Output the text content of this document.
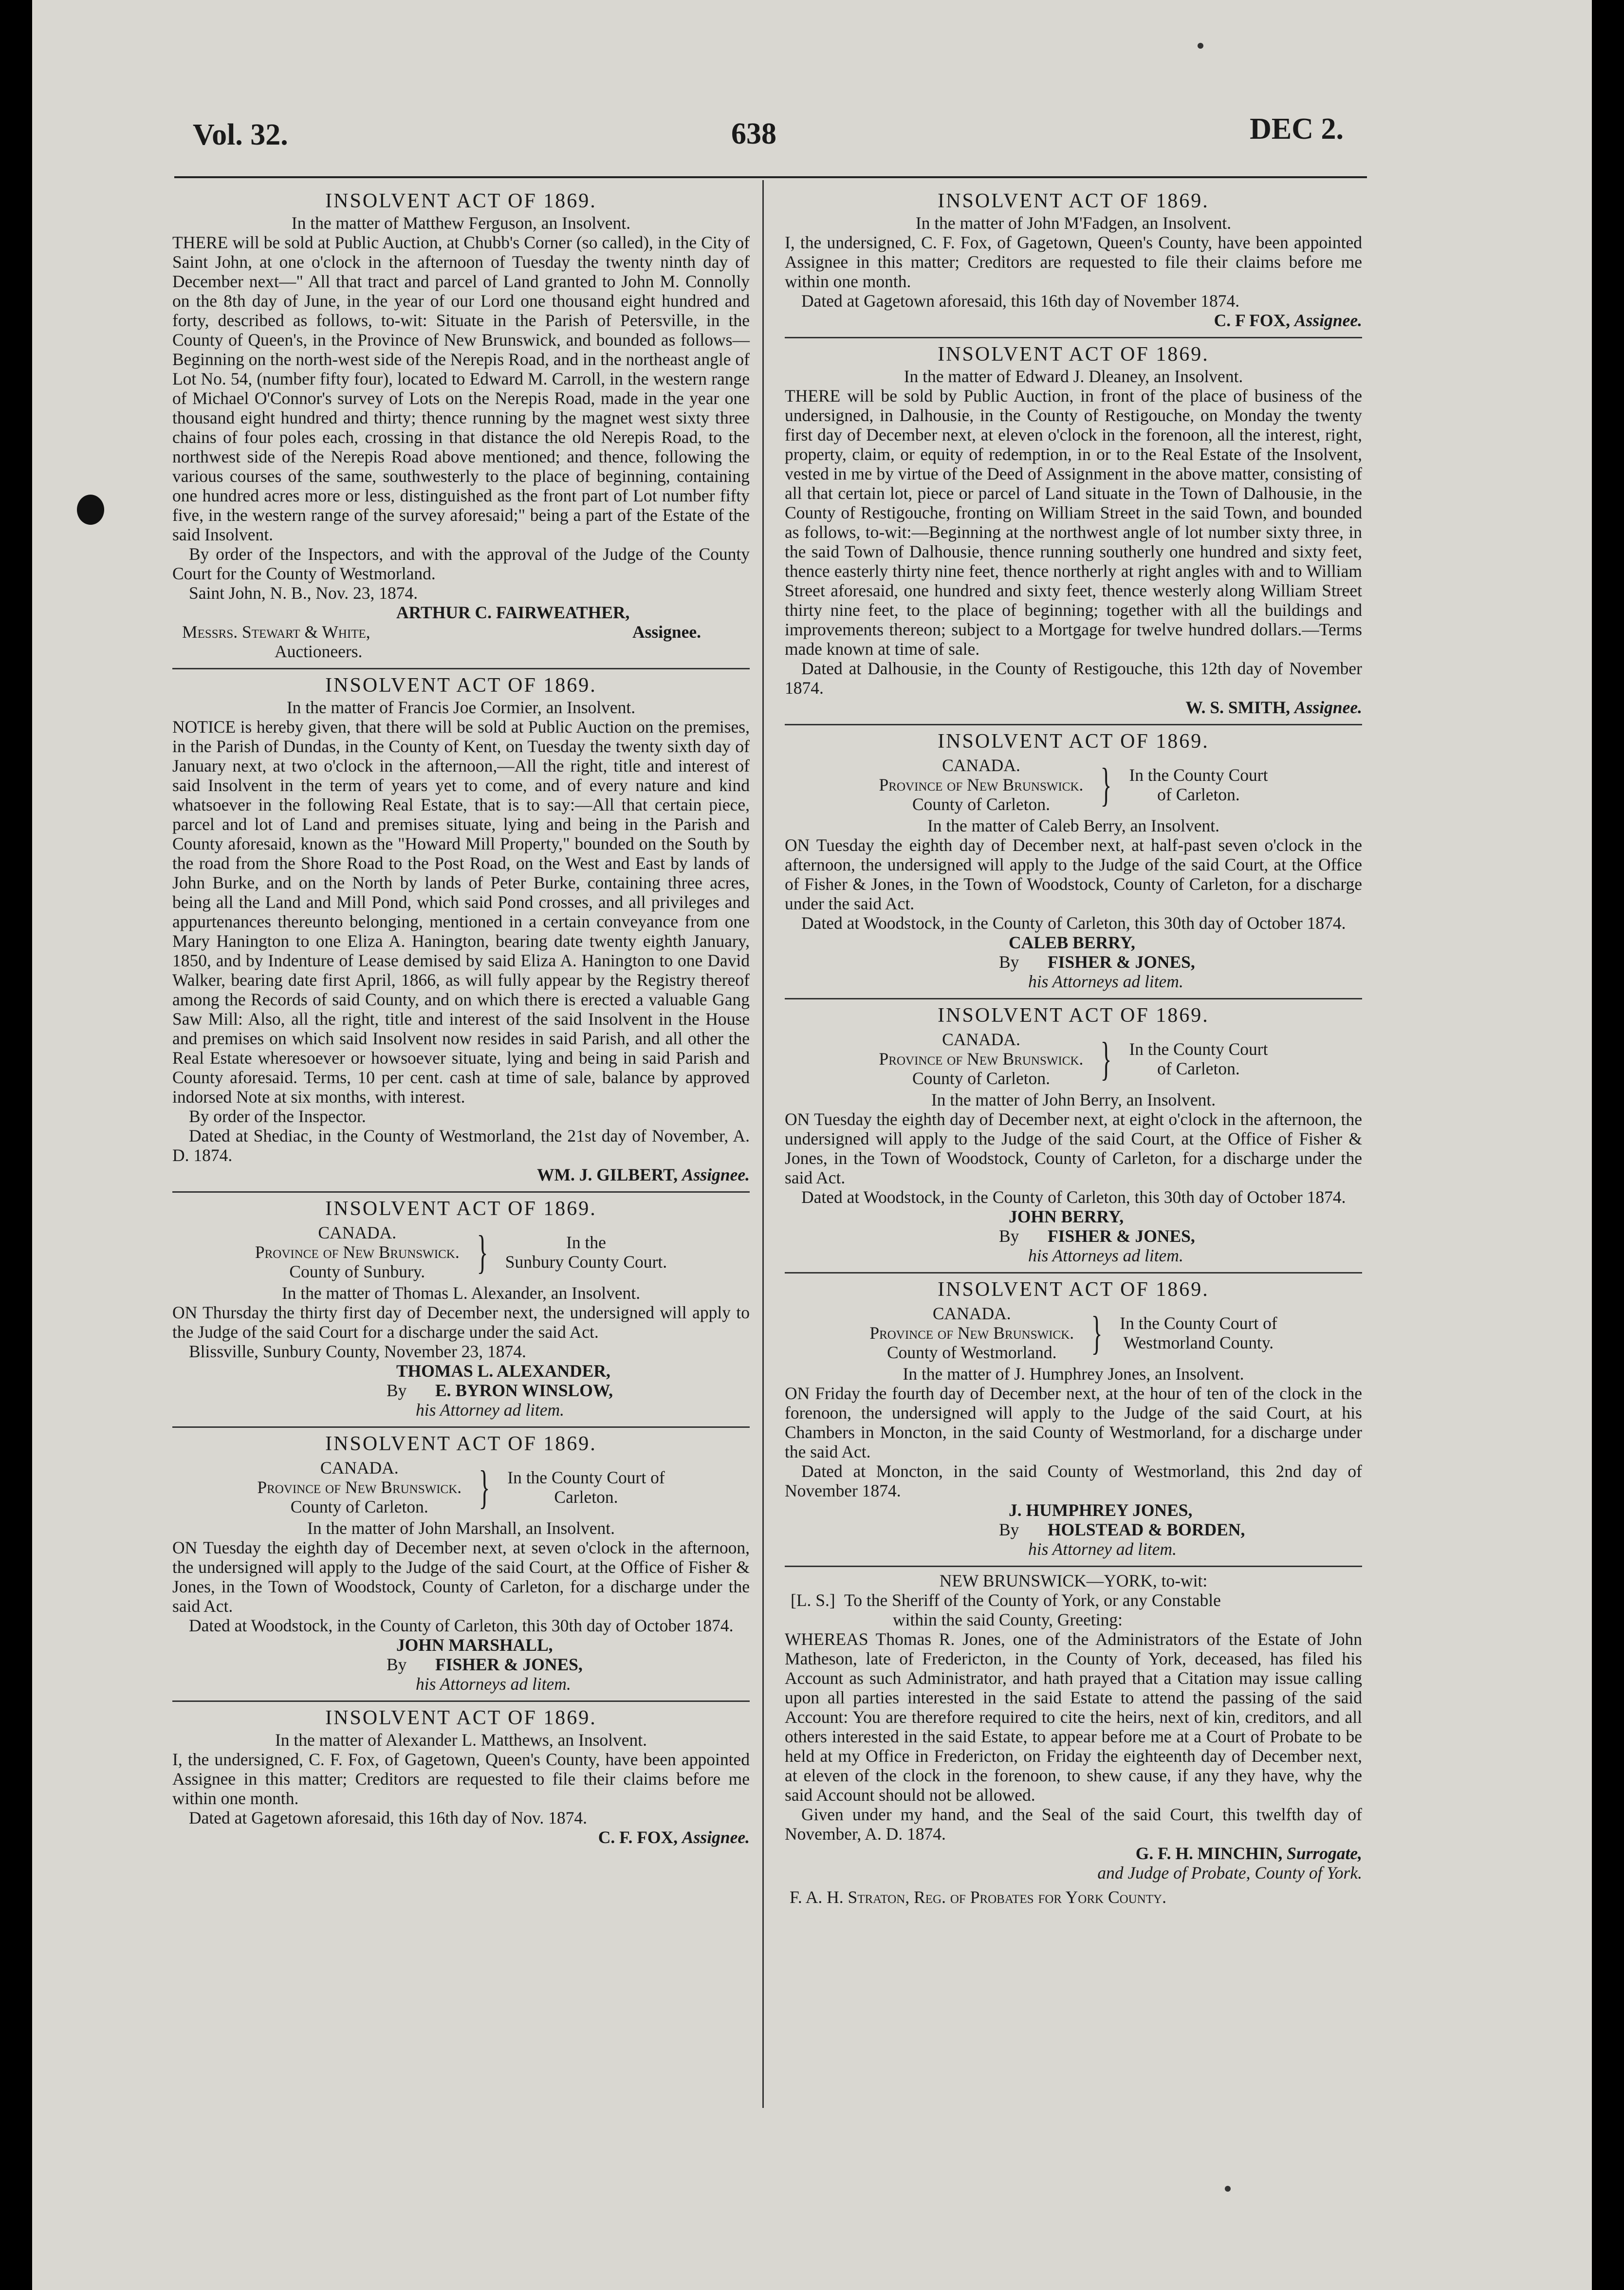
Vol. 32.	638	DEC 2.
INSOLVENT ACT OF 1869.
In the matter of Matthew Ferguson, an Insolvent.
THERE will be sold at Public Auction, at Chubb's Corner (so called), in the City of Saint John, at one o'clock in the afternoon of Tuesday the twenty ninth day of December next—" All that tract and parcel of Land granted to John M. Connolly on the 8th day of June, in the year of our Lord one thousand eight hundred and forty, described as follows, to-wit: Situate in the Parish of Petersville, in the County of Queen's, in the Province of New Brunswick, and bounded as follows—Beginning on the north-west side of the Nerepis Road, and in the northeast angle of Lot No. 54, (number fifty four), located to Edward M. Carroll, in the western range of Michael O'Connor's survey of Lots on the Nerepis Road, made in the year one thousand eight hundred and thirty; thence running by the magnet west sixty three chains of four poles each, crossing in that distance the old Nerepis Road, to the northwest side of the Nerepis Road above mentioned; and thence, following the various courses of the same, southwesterly to the place of beginning, containing one hundred acres more or less, distinguished as the front part of Lot number fifty five, in the western range of the survey aforesaid;" being a part of the Estate of the said Insolvent.
By order of the Inspectors, and with the approval of the Judge of the County Court for the County of Westmorland.
Saint John, N. B., Nov. 23, 1874.
ARTHUR C. FAIRWEATHER,
Messrs. Stewart & White,	Assignee.
Auctioneers.
INSOLVENT ACT OF 1869.
In the matter of Francis Joe Cormier, an Insolvent.
NOTICE is hereby given, that there will be sold at Public Auction on the premises, in the Parish of Dundas, in the County of Kent, on Tuesday the twenty sixth day of January next, at two o'clock in the afternoon,—All the right, title and interest of said Insolvent in the term of years yet to come, and of every nature and kind whatsoever in the following Real Estate, that is to say:—All that certain piece, parcel and lot of Land and premises situate, lying and being in the Parish and County aforesaid, known as the "Howard Mill Property," bounded on the South by the road from the Shore Road to the Post Road, on the West and East by lands of John Burke, and on the North by lands of Peter Burke, containing three acres, being all the Land and Mill Pond, which said Pond crosses, and all privileges and appurtenances thereunto belonging, mentioned in a certain conveyance from one Mary Hanington to one Eliza A. Hanington, bearing date twenty eighth January, 1850, and by Indenture of Lease demised by said Eliza A. Hanington to one David Walker, bearing date first April, 1866, as will fully appear by the Registry thereof among the Records of said County, and on which there is erected a valuable Gang Saw Mill: Also, all the right, title and interest of the said Insolvent in the House and premises on which said Insolvent now resides in said Parish, and all other the Real Estate wheresoever or howsoever situate, lying and being in said Parish and County aforesaid. Terms, 10 per cent. cash at time of sale, balance by approved indorsed Note at six months, with interest.
By order of the Inspector.
Dated at Shediac, in the County of Westmorland, the 21st day of November, A. D. 1874.
WM. J. GILBERT, Assignee.
INSOLVENT ACT OF 1869.
CANADA.
Province of New Brunswick.
County of Sunbury.	}	In the
Sunbury County Court.
In the matter of Thomas L. Alexander, an Insolvent.
ON Thursday the thirty first day of December next, the undersigned will apply to the Judge of the said Court for a discharge under the said Act.
Blissville, Sunbury County, November 23, 1874.
THOMAS L. ALEXANDER,
By	E. BYRON WINSLOW,
his Attorney ad litem.
INSOLVENT ACT OF 1869.
CANADA.
Province of New Brunswick.
County of Carleton.	} In the County Court of
Carleton.
In the matter of John Marshall, an Insolvent.
ON Tuesday the eighth day of December next, at seven o'clock in the afternoon, the undersigned will apply to the Judge of the said Court, at the Office of Fisher & Jones, in the Town of Woodstock, County of Carleton, for a discharge under the said Act.
Dated at Woodstock, in the County of Carleton, this 30th day of October 1874.
JOHN MARSHALL,
By	FISHER & JONES,
his Attorneys ad litem.
INSOLVENT ACT OF 1869.
In the matter of Alexander L. Matthews, an Insolvent.
I, the undersigned, C. F. Fox, of Gagetown, Queen's County, have been appointed Assignee in this matter; Creditors are requested to file their claims before me within one month.
Dated at Gagetown aforesaid, this 16th day of Nov. 1874.
C. F. FOX, Assignee.
INSOLVENT ACT OF 1869.
In the matter of John M'Fadgen, an Insolvent.
I, the undersigned, C. F. Fox, of Gagetown, Queen's County, have been appointed Assignee in this matter; Creditors are requested to file their claims before me within one month.
Dated at Gagetown aforesaid, this 16th day of November 1874.
C. F FOX, Assignee.
INSOLVENT ACT OF 1869.
In the matter of Edward J. Dleaney, an Insolvent.
THERE will be sold by Public Auction, in front of the place of business of the undersigned, in Dalhousie, in the County of Restigouche, on Monday the twenty first day of December next, at eleven o'clock in the forenoon, all the interest, right, property, claim, or equity of redemption, in or to the Real Estate of the Insolvent, vested in me by virtue of the Deed of Assignment in the above matter, consisting of all that certain lot, piece or parcel of Land situate in the Town of Dalhousie, in the County of Restigouche, fronting on William Street in the said Town, and bounded as follows, to-wit:—Beginning at the northwest angle of lot number sixty three, in the said Town of Dalhousie, thence running southerly one hundred and sixty feet, thence easterly thirty nine feet, thence northerly at right angles with and to William Street aforesaid, one hundred and sixty feet, thence westerly along William Street thirty nine feet, to the place of beginning; together with all the buildings and improvements thereon; subject to a Mortgage for twelve hundred dollars.—Terms made known at time of sale.
Dated at Dalhousie, in the County of Restigouche, this 12th day of November 1874.
W. S. SMITH, Assignee.
INSOLVENT ACT OF 1869.
CANADA.
Province of New Brunswick.
County of Carleton.	} In the County Court
of Carleton.
In the matter of Caleb Berry, an Insolvent.
ON Tuesday the eighth day of December next, at half-past seven o'clock in the afternoon, the undersigned will apply to the Judge of the said Court, at the Office of Fisher & Jones, in the Town of Woodstock, County of Carleton, for a discharge under the said Act.
Dated at Woodstock, in the County of Carleton, this 30th day of October 1874.
CALEB BERRY,
By	FISHER & JONES,
his Attorneys ad litem.
INSOLVENT ACT OF 1869.
CANADA.
Province of New Brunswick.
County of Carleton.	} In the County Court
of Carleton.
In the matter of John Berry, an Insolvent.
ON Tuesday the eighth day of December next, at eight o'clock in the afternoon, the undersigned will apply to the Judge of the said Court, at the Office of Fisher & Jones, in the Town of Woodstock, County of Carleton, for a discharge under the said Act.
Dated at Woodstock, in the County of Carleton, this 30th day of October 1874.
JOHN BERRY,
By	FISHER & JONES,
his Attorneys ad litem.
INSOLVENT ACT OF 1869.
CANADA.
Province of New Brunswick.
County of Westmorland. } In the County Court of
Westmorland County.
In the matter of J. Humphrey Jones, an Insolvent.
ON Friday the fourth day of December next, at the hour of ten of the clock in the forenoon, the undersigned will apply to the Judge of the said Court, at his Chambers in Moncton, in the said County of Westmorland, for a discharge under the said Act.
Dated at Moncton, in the said County of Westmorland, this 2nd day of November 1874.
J. HUMPHREY JONES,
By	HOLSTEAD & BORDEN,
his Attorney ad litem.
NEW BRUNSWICK—YORK, to-wit:
[L. S.] To the Sheriff of the County of York, or any Constable
within the said County, Greeting:
WHEREAS Thomas R. Jones, one of the Administrators of the Estate of John Matheson, late of Fredericton, in the County of York, deceased, has filed his Account as such Administrator, and hath prayed that a Citation may issue calling upon all parties interested in the said Estate to attend the passing of the said Account: You are therefore required to cite the heirs, next of kin, creditors, and all others interested in the said Estate, to appear before me at a Court of Probate to be held at my Office in Fredericton, on Friday the eighteenth day of December next, at eleven of the clock in the forenoon, to shew cause, if any they have, why the said Account should not be allowed.
Given under my hand, and the Seal of the said Court, this twelfth day of November, A. D. 1874.
G. F. H. MINCHIN, Surrogate,
and Judge of Probate, County of York.
F. A. H. Straton, Reg. of Probates for York County.
